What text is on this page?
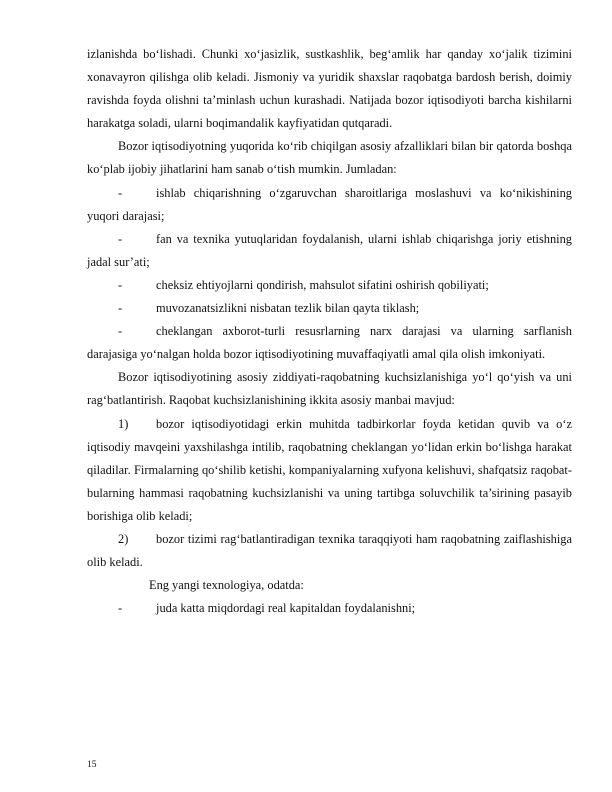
izlanishda bo‘lishadi. Chunki xo‘jasizlik, sustkashlik, beg‘amlik har qanday xo‘jalik tizimini xonavayron qilishga olib keladi. Jismoniy va yuridik shaxslar raqobatga bardosh berish, doimiy ravishda foyda olishni ta’minlash uchun kurashadi. Natijada bozor iqtisodiyoti barcha kishilarni harakatga soladi, ularni boqimandalik kayfiyatidan qutqaradi.

Bozor iqtisodiyotning yuqorida ko‘rib chiqilgan asosiy afzalliklari bilan bir qatorda boshqa ko‘plab ijobiy jihatlarini ham sanab o‘tish mumkin. Jumladan:

-	ishlab chiqarishning o‘zgaruvchan sharoitlariga moslashuvi va ko‘nikishining yuqori darajasi;

-	fan va texnika yutuqlaridan foydalanish, ularni ishlab chiqarishga joriy etishning jadal sur’ati;

-	cheksiz ehtiyojlarni qondirish, mahsulot sifatini oshirish qobiliyati;

-	muvozanatsizlikni nisbatan tezlik bilan qayta tiklash;

-	cheklangan axborot-turli resusrlarning narx darajasi va ularning sarflanish darajasiga yo‘nalgan holda bozor iqtisodiyotining muvaffaqiyatli amal qila olish imkoniyati.

Bozor iqtisodiyotining asosiy ziddiyati-raqobatning kuchsizlanishiga yo‘l qo‘yish va uni rag‘batlantirish. Raqobat kuchsizlanishining ikkita asosiy manbai mavjud:

1) bozor iqtisodiyotidagi erkin muhitda tadbirkorlar foyda ketidan quvib va o‘z iqtisodiy mavqeini yaxshilashga intilib, raqobatning cheklangan yo‘lidan erkin bo‘lishga harakat qiladilar. Firmalarning qo‘shilib ketishi, kompaniyalarning xufyona kelishuvi, shafqatsiz raqobat-bularning hammasi raqobatning kuchsizlanishi va uning tartibga soluvchilik ta’sirining pasayib borishiga olib keladi;

2) bozor tizimi rag‘batlantiradigan texnika taraqqiyoti ham raqobatning zaiflashishiga olib keladi.

Eng yangi texnologiya, odatda:

-	juda katta miqdordagi real kapitaldan foydalanishni;

15
